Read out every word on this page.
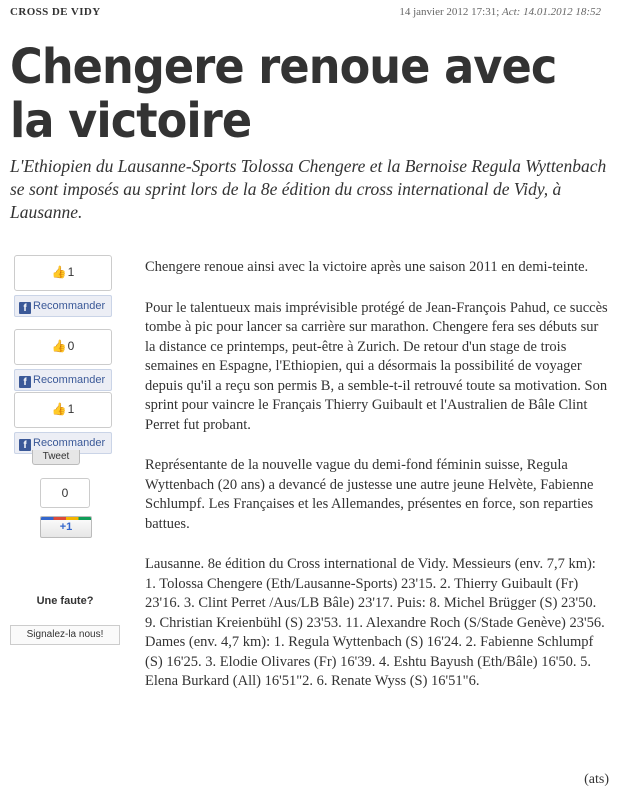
CROSS DE VIDY	14 janvier 2012 17:31; Act: 14.01.2012 18:52
Chengere renoue avec la victoire

L'Ethiopien du Lausanne-Sports Tolossa Chengere et la Bernoise Regula Wyttenbach se sont imposés au sprint lors de la 8e édition du cross international de Vidy, à Lausanne.

👍1
f Recommander
👍0
f Recommander
👍1
f Recommander
Tweet
0
+1
Une faute?
Signalez-la nous!

Chengere renoue ainsi avec la victoire après une saison 2011 en demi-teinte.

Pour le talentueux mais imprévisible protégé de Jean-François Pahud, ce succès tombe à pic pour lancer sa carrière sur marathon. Chengere fera ses débuts sur la distance ce printemps, peut-être à Zurich. De retour d'un stage de trois semaines en Espagne, l'Ethiopien, qui a désormais la possibilité de voyager depuis qu'il a reçu son permis B, a semble-t-il retrouvé toute sa motivation. Son sprint pour vaincre le Français Thierry Guibault et l'Australien de Bâle Clint Perret fut probant.

Représentante de la nouvelle vague du demi-fond féminin suisse, Regula Wyttenbach (20 ans) a devancé de justesse une autre jeune Helvète, Fabienne Schlumpf. Les Françaises et les Allemandes, présentes en force, son reparties battues.

Lausanne. 8e édition du Cross international de Vidy. Messieurs (env. 7,7 km): 1. Tolossa Chengere (Eth/Lausanne-Sports) 23'15. 2. Thierry Guibault (Fr) 23'16. 3. Clint Perret /Aus/LB Bâle) 23'17. Puis: 8. Michel Brügger (S) 23'50. 9. Christian Kreienbühl (S) 23'53. 11. Alexandre Roch (S/Stade Genève) 23'56. Dames (env. 4,7 km): 1. Regula Wyttenbach (S) 16'24. 2. Fabienne Schlumpf (S) 16'25. 3. Elodie Olivares (Fr) 16'39. 4. Eshtu Bayush (Eth/Bâle) 16'50. 5. Elena Burkard (All) 16'51"2. 6. Renate Wyss (S) 16'51"6.

(ats)
